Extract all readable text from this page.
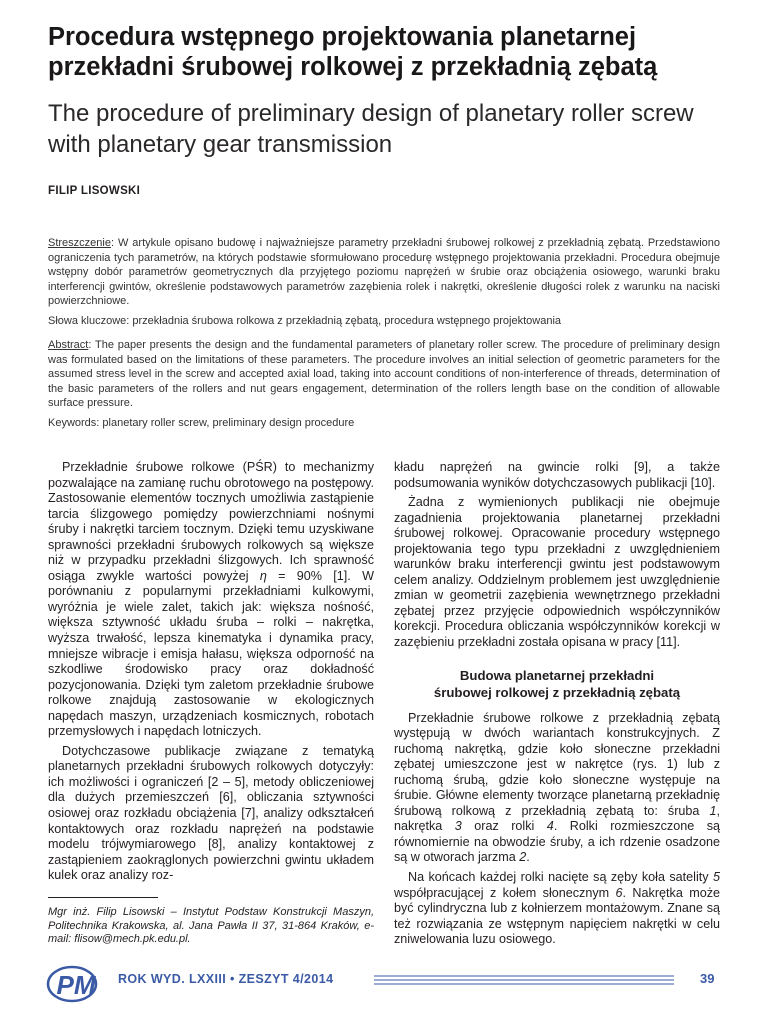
Procedura wstępnego projektowania planetarnej przekładni śrubowej rolkowej z przekładnią zębatą
The procedure of preliminary design of planetary roller screw with planetary gear transmission
FILIP LISOWSKI

Streszczenie: W artykule opisano budowę i najważniejsze parametry przekładni śrubowej rolkowej z przekładnią zębatą. Przedstawiono ograniczenia tych parametrów, na których podstawie sformułowano procedurę wstępnego projektowania przekładni. Procedura obejmuje wstępny dobór parametrów geometrycznych dla przyjętego poziomu naprężeń w śrubie oraz obciążenia osiowego, warunki braku interferencji gwintów, określenie podstawowych parametrów zazębienia rolek i nakrętki, określenie długości rolek z warunku na naciski powierzchniowe.

Słowa kluczowe: przekładnia śrubowa rolkowa z przekładnią zębatą, procedura wstępnego projektowania

Abstract: The paper presents the design and the fundamental parameters of planetary roller screw. The procedure of preliminary design was formulated based on the limitations of these parameters. The procedure involves an initial selection of geometric parameters for the assumed stress level in the screw and accepted axial load, taking into account conditions of non-interference of threads, determination of the basic parameters of the rollers and nut gears engagement, determination of the rollers length base on the condition of allowable surface pressure.

Keywords: planetary roller screw, preliminary design procedure

Przekładnie śrubowe rolkowe (PŚR) to mechanizmy pozwalające na zamianę ruchu obrotowego na postępowy. Zastosowanie elementów tocznych umożliwia zastąpienie tarcia ślizgowego pomiędzy powierzchniami nośnymi śruby i nakrętki tarciem tocznym. Dzięki temu uzyskiwane sprawności przekładni śrubowych rolkowych są większe niż w przypadku przekładni ślizgowych. Ich sprawność osiąga zwykle wartości powyżej η = 90% [1]. W porównaniu z popularnymi przekładniami kulkowymi, wyróżnia je wiele zalet, takich jak: większa nośność, większa sztywność układu śruba – rolki – nakrętka, wyższa trwałość, lepsza kinematyka i dynamika pracy, mniejsze wibracje i emisja hałasu, większa odporność na szkodliwe środowisko pracy oraz dokładność pozycjonowania. Dzięki tym zaletom przekładnie śrubowe rolkowe znajdują zastosowanie w ekologicznych napędach maszyn, urządzeniach kosmicznych, robotach przemysłowych i napędach lotniczych.

Dotychczasowe publikacje związane z tematyką planetarnych przekładni śrubowych rolkowych dotyczyły: ich możliwości i ograniczeń [2 – 5], metody obliczeniowej dla dużych przemieszczeń [6], obliczania sztywności osiowej oraz rozkładu obciążenia [7], analizy odkształceń kontaktowych oraz rozkładu naprężeń na podstawie modelu trójwymiarowego [8], analizy kontaktowej z zastąpieniem zaokrąglonych powierzchni gwintu układem kulek oraz analizy roz-

kładu naprężeń na gwincie rolki [9], a także podsumowania wyników dotychczasowych publikacji [10].

Żadna z wymienionych publikacji nie obejmuje zagadnienia projektowania planetarnej przekładni śrubowej rolkowej. Opracowanie procedury wstępnego projektowania tego typu przekładni z uwzględnieniem warunków braku interferencji gwintu jest podstawowym celem analizy. Oddzielnym problemem jest uwzględnienie zmian w geometrii zazębienia wewnętrznego przekładni zębatej przez przyjęcie odpowiednich współczynników korekcji. Procedura obliczania współczynników korekcji w zazębieniu przekładni została opisana w pracy [11].

Budowa planetarnej przekładni
śrubowej rolkowej z przekładnią zębatą

Przekładnie śrubowe rolkowe z przekładnią zębatą występują w dwóch wariantach konstrukcyjnych. Z ruchomą nakrętką, gdzie koło słoneczne przekładni zębatej umieszczone jest w nakrętce (rys. 1) lub z ruchomą śrubą, gdzie koło słoneczne występuje na śrubie. Główne elementy tworzące planetarną przekładnię śrubową rolkową z przekładnią zębatą to: śruba 1, nakrętka 3 oraz rolki 4. Rolki rozmieszczone są równomiernie na obwodzie śruby, a ich rdzenie osadzone są w otworach jarzma 2.

Na końcach każdej rolki nacięte są zęby koła satelity 5 współpracującej z kołem słonecznym 6. Nakrętka może być cylindryczna lub z kołnierzem montażowym. Znane są też rozwiązania ze wstępnym napięciem nakrętki w celu zniwelowania luzu osiowego.

Mgr inż. Filip Lisowski – Instytut Podstaw Konstrukcji Maszyn, Politechnika Krakowska, al. Jana Pawła II 37, 31-864 Kraków, e-mail: flisow@mech.pk.edu.pl.
PM ROK WYD. LXXIII • ZESZYT 4/2014	39
